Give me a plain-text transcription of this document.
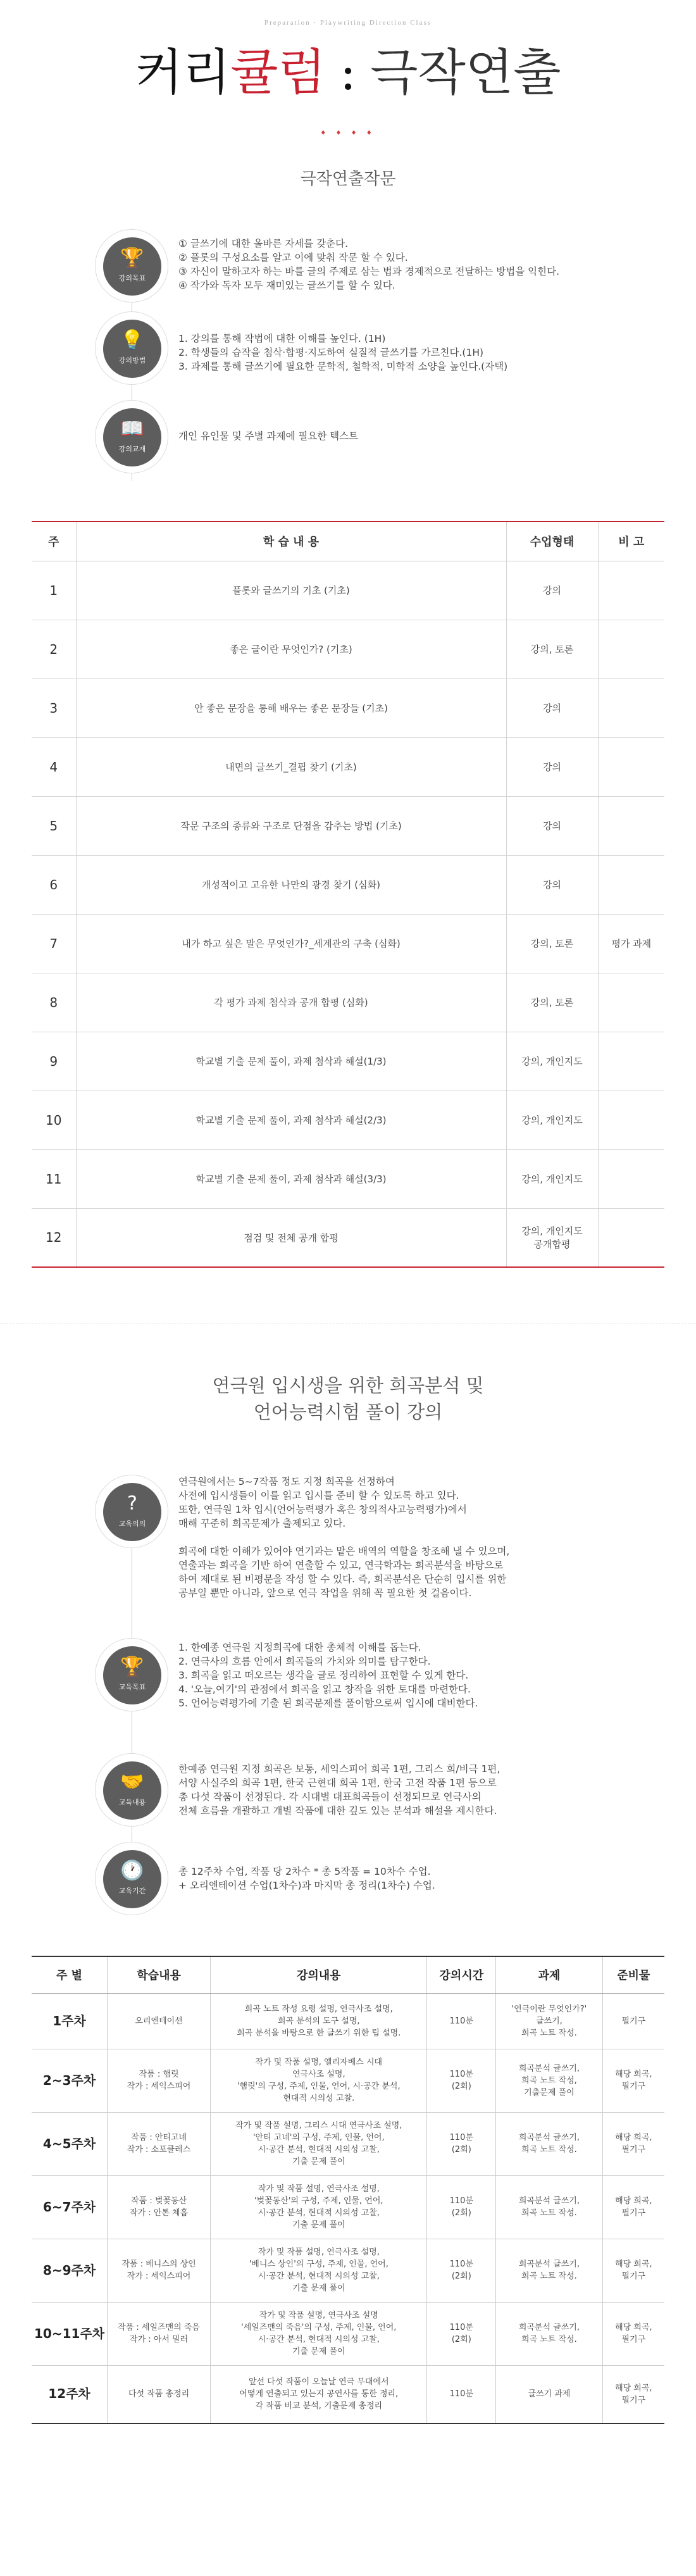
Preparation · Playwriting Direction Class
커리큘럼 : 극작연출
♦ ♦ ♦ ♦
극작연출작문
🏆
강의목표

① 글쓰기에 대한 올바른 자세를 갖춘다.

② 플롯의 구성요소를 알고 이에 맞춰 작문 할 수 있다.

③ 자신이 말하고자 하는 바를 글의 주제로 삼는 법과 경제적으로 전달하는 방법을 익힌다.

④ 작가와 독자 모두 재미있는 글쓰기를 할 수 있다.

💡
강의방법

1. 강의를 통해 작법에 대한 이해를 높인다. (1H)

2. 학생들의 습작을 첨삭·합평·지도하여 실질적 글쓰기를 가르친다.(1H)

3. 과제를 통해 글쓰기에 필요한 문학적, 철학적, 미학적 소양을 높인다.(자택)

📖
강의교재

개인 유인물 및 주별 과제에 필요한 텍스트

주	학 습 내 용	수업형태	비 고
1	플롯와 글쓰기의 기초 (기초)	강의	
2	좋은 글이란 무엇인가? (기초)	강의, 토론	
3	안 좋은 문장을 통해 배우는 좋은 문장들 (기초)	강의	
4	내면의 글쓰기_결핍 찾기 (기초)	강의	
5	작문 구조의 종류와 구조로 단점을 감추는 방법 (기초)	강의	
6	개성적이고 고유한 나만의 광경 찾기 (심화)	강의	
7	내가 하고 싶은 말은 무엇인가?_세계관의 구축 (심화)	강의, 토론	평가 과제
8	각 평가 과제 첨삭과 공개 합평 (심화)	강의, 토론	
9	학교별 기출 문제 풀이, 과제 첨삭과 해설(1/3)	강의, 개인지도	
10	학교별 기출 문제 풀이, 과제 첨삭과 해설(2/3)	강의, 개인지도	
11	학교별 기출 문제 풀이, 과제 첨삭과 해설(3/3)	강의, 개인지도	
12	점검 및 전체 공개 합평	강의, 개인지도
공개합평	

연극원 입시생을 위한 희곡분석 및

언어능력시험 풀이 강의

?
교육의의

연극원에서는 5~7작품 정도 지정 희곡을 선정하여

사전에 입시생들이 이를 읽고 입시를 준비 할 수 있도록 하고 있다.

또한, 연극원 1차 입시(언어능력평가 혹은 창의적사고능력평가)에서

매해 꾸준히 희곡문제가 출제되고 있다.

희곡에 대한 이해가 있어야 연기과는 맡은 배역의 역할을 창조해 낼 수 있으며,

연출과는 희곡을 기반 하여 연출할 수 있고, 연극학과는 희곡분석을 바탕으로

하여 제대로 된 비평문을 작성 할 수 있다. 즉, 희곡분석은 단순히 입시를 위한

공부일 뿐만 아니라, 앞으로 연극 작업을 위해 꼭 필요한 첫 걸음이다.

🏆
교육목표

1. 한예종 연극원 지정희곡에 대한 총체적 이해를 돕는다.

2. 연극사의 흐름 안에서 희곡들의 가치와 의미를 탐구한다.

3. 희곡을 읽고 떠오르는 생각을 글로 정리하여 표현할 수 있게 한다.

4. '오늘,여기'의 관점에서 희곡을 읽고 창작을 위한 토대를 마련한다.

5. 언어능력평가에 기출 된 희곡문제를 풀이함으로써 입시에 대비한다.

🤝
교육내용

한예종 연극원 지정 희곡은 보통, 세익스피어 희곡 1편, 그리스 희/비극 1편,

서양 사실주의 희곡 1편, 한국 근현대 희곡 1편, 한국 고전 작품 1편 등으로

총 다섯 작품이 선정된다. 각 시대별 대표희곡들이 선정되므로 연극사의

전체 흐름을 개괄하고 개별 작품에 대한 깊도 있는 분석과 해설을 제시한다.

🕐
교육기간

총 12주차 수업, 작품 당 2차수 * 총 5작품 = 10차수 수업.

+ 오리엔테이션 수업(1차수)과 마지막 총 정리(1차수) 수업.

주 별	학습내용	강의내용	강의시간	과제	준비물
1주차	오리엔테이션	희곡 노트 작성 요령 설명, 연극사조 설명,
희곡 분석의 도구 설명,
희곡 분석을 바탕으로 한 글쓰기 위한 팁 설명.	110분	'연극이란 무엇인가?'
글쓰기,
희곡 노트 작성.	필기구
2~3주차	작품 : 햄릿
작가 : 세익스피어	작가 및 작품 설명, 엘리자베스 시대
연극사조 설명,
'햄릿'의 구성, 주제, 인물, 언어, 시·공간 분석,
현대적 시의성 고찰.	110분
(2회)	희곡분석 글쓰기,
희곡 노트 작성,
기출문제 풀이	해당 희곡,
필기구
4~5주차	작품 : 안티고네
작가 : 소포클레스	작가 및 작품 설명, 그리스 시대 연극사조 설명,
'안티 고네'의 구성, 주제, 인물, 언어,
시·공간 분석, 현대적 시의성 고찰,
기출 문제 풀이	110분
(2회)	희곡분석 글쓰기,
희곡 노트 작성.	해당 희곡,
필기구
6~7주차	작품 : 벚꽃동산
작가 : 안톤 체홉	작가 및 작품 설명, 연극사조 설명,
'벚꽃동산'의 구성, 주제, 인물, 언어,
시·공간 분석, 현대적 시의성 고찰,
기출 문제 풀이	110분
(2회)	희곡분석 글쓰기,
희곡 노트 작성.	해당 희곡,
필기구
8~9주차	작품 : 베니스의 상인
작가 : 세익스피어	작가 및 작품 설명, 연극사조 설명,
'베니스 상인'의 구성, 주제, 인물, 언어,
시·공간 분석, 현대적 시의성 고찰,
기출 문제 풀이	110분
(2회)	희곡분석 글쓰기,
희곡 노트 작성.	해당 희곡,
필기구
10~11주차	작품 : 세일즈맨의 죽음
작가 : 아서 밀러	작가 및 작품 설명, 연극사조 설명
'세일즈맨의 죽음'의 구성, 주제, 인물, 언어,
시·공간 분석, 현대적 시의성 고찰,
기출 문제 풀이	110분
(2회)	희곡분석 글쓰기,
희곡 노트 작성.	해당 희곡,
필기구
12주차	다섯 작품 총정리	앞선 다섯 작품이 오늘날 연극 무대에서
어떻게 연출되고 있는지 공연사를 통한 정리,
각 작품 비교 분석, 기출문제 총정리	110분	글쓰기 과제	해당 희곡,
필기구
